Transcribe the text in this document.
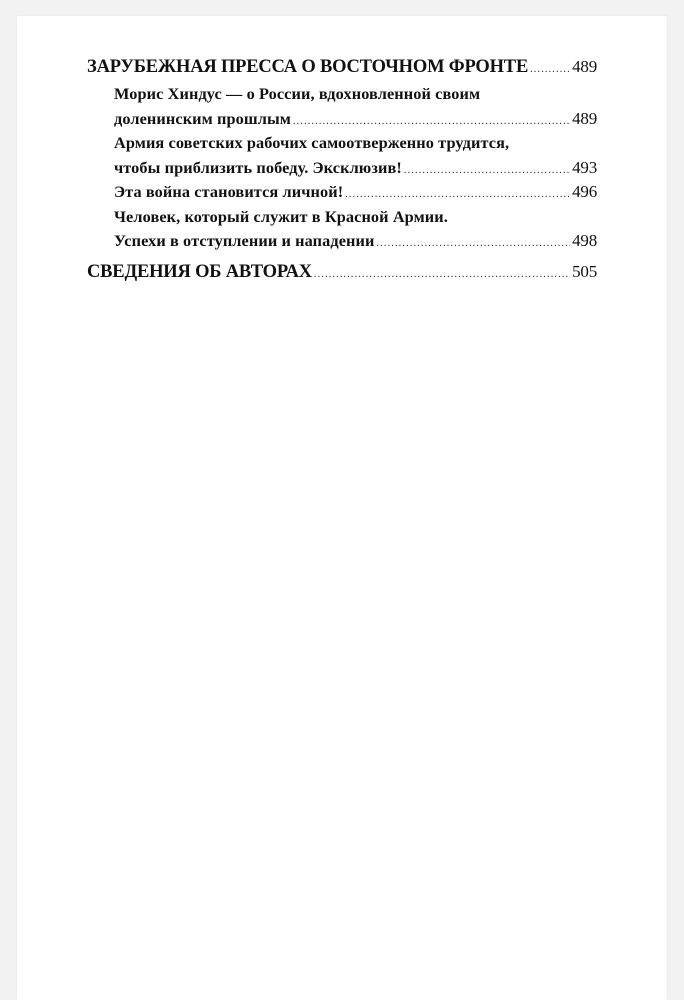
ЗАРУБЕЖНАЯ ПРЕССА О ВОСТОЧНОМ ФРОНТЕ .....	489
Морис Хиндус — о России, вдохновленной своим
доленинским прошлым .....	489
Армия советских рабочих самоотверженно трудится,
чтобы приблизить победу. Эксклюзив! .....	493
Эта война становится личной! .....	496
Человек, который служит в Красной Армии.
Успехи в отступлении и нападении .....	498
СВЕДЕНИЯ ОБ АВТОРАХ .....	505
